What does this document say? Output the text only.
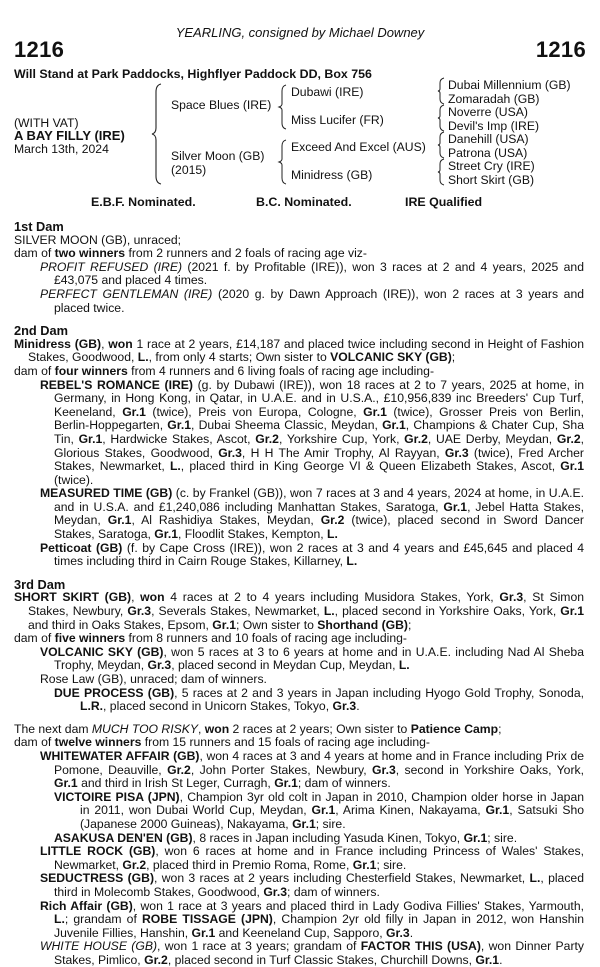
YEARLING, consigned by Michael Downey
1216	1216
Will Stand at Park Paddocks, Highflyer Paddock DD, Box 756
(WITH VAT)
A BAY FILLY (IRE)
March 13th, 2024
Space Blues (IRE)
Silver Moon (GB)
(2015)
Dubawi (IRE)
Miss Lucifer (FR)
Exceed And Excel (AUS)
Minidress (GB)
Dubai Millennium (GB)
Zomaradah (GB)
Noverre (USA)
Devil's Imp (IRE)
Danehill (USA)
Patrona (USA)
Street Cry (IRE)
Short Skirt (GB)
E.B.F. Nominated.	B.C. Nominated.	IRE Qualified
1st Dam
SILVER MOON (GB), unraced;
dam of two winners from 2 runners and 2 foals of racing age viz-
PROFIT REFUSED (IRE) (2021 f. by Profitable (IRE)), won 3 races at 2 and 4 years, 2025 and £43,075 and placed 4 times.
PERFECT GENTLEMAN (IRE) (2020 g. by Dawn Approach (IRE)), won 2 races at 3 years and placed twice.
2nd Dam
Minidress (GB), won 1 race at 2 years, £14,187 and placed twice including second in Height of Fashion Stakes, Goodwood, L., from only 4 starts; Own sister to VOLCANIC SKY (GB);
dam of four winners from 4 runners and 6 living foals of racing age including-
REBEL'S ROMANCE (IRE) (g. by Dubawi (IRE)), won 18 races at 2 to 7 years, 2025 at home, in Germany, in Hong Kong, in Qatar, in U.A.E. and in U.S.A., £10,956,839 inc Breeders' Cup Turf, Keeneland, Gr.1 (twice), Preis von Europa, Cologne, Gr.1 (twice), Grosser Preis von Berlin, Berlin-Hoppegarten, Gr.1, Dubai Sheema Classic, Meydan, Gr.1, Champions & Chater Cup, Sha Tin, Gr.1, Hardwicke Stakes, Ascot, Gr.2, Yorkshire Cup, York, Gr.2, UAE Derby, Meydan, Gr.2, Glorious Stakes, Goodwood, Gr.3, H H The Amir Trophy, Al Rayyan, Gr.3 (twice), Fred Archer Stakes, Newmarket, L., placed third in King George VI & Queen Elizabeth Stakes, Ascot, Gr.1 (twice).
MEASURED TIME (GB) (c. by Frankel (GB)), won 7 races at 3 and 4 years, 2024 at home, in U.A.E. and in U.S.A. and £1,240,086 including Manhattan Stakes, Saratoga, Gr.1, Jebel Hatta Stakes, Meydan, Gr.1, Al Rashidiya Stakes, Meydan, Gr.2 (twice), placed second in Sword Dancer Stakes, Saratoga, Gr.1, Floodlit Stakes, Kempton, L.
Petticoat (GB) (f. by Cape Cross (IRE)), won 2 races at 3 and 4 years and £45,645 and placed 4 times including third in Cairn Rouge Stakes, Killarney, L.
3rd Dam
SHORT SKIRT (GB), won 4 races at 2 to 4 years including Musidora Stakes, York, Gr.3, St Simon Stakes, Newbury, Gr.3, Severals Stakes, Newmarket, L., placed second in Yorkshire Oaks, York, Gr.1 and third in Oaks Stakes, Epsom, Gr.1; Own sister to Shorthand (GB);
dam of five winners from 8 runners and 10 foals of racing age including-
VOLCANIC SKY (GB), won 5 races at 3 to 6 years at home and in U.A.E. including Nad Al Sheba Trophy, Meydan, Gr.3, placed second in Meydan Cup, Meydan, L.
Rose Law (GB), unraced; dam of winners.
DUE PROCESS (GB), 5 races at 2 and 3 years in Japan including Hyogo Gold Trophy, Sonoda, L.R., placed second in Unicorn Stakes, Tokyo, Gr.3.
The next dam MUCH TOO RISKY, won 2 races at 2 years; Own sister to Patience Camp;
dam of twelve winners from 15 runners and 15 foals of racing age including-
WHITEWATER AFFAIR (GB), won 4 races at 3 and 4 years at home and in France including Prix de Pomone, Deauville, Gr.2, John Porter Stakes, Newbury, Gr.3, second in Yorkshire Oaks, York, Gr.1 and third in Irish St Leger, Curragh, Gr.1; dam of winners.
VICTOIRE PISA (JPN), Champion 3yr old colt in Japan in 2010, Champion older horse in Japan in 2011, won Dubai World Cup, Meydan, Gr.1, Arima Kinen, Nakayama, Gr.1, Satsuki Sho (Japanese 2000 Guineas), Nakayama, Gr.1; sire.
ASAKUSA DEN'EN (GB), 8 races in Japan including Yasuda Kinen, Tokyo, Gr.1; sire.
LITTLE ROCK (GB), won 6 races at home and in France including Princess of Wales' Stakes, Newmarket, Gr.2, placed third in Premio Roma, Rome, Gr.1; sire.
SEDUCTRESS (GB), won 3 races at 2 years including Chesterfield Stakes, Newmarket, L., placed third in Molecomb Stakes, Goodwood, Gr.3; dam of winners.
Rich Affair (GB), won 1 race at 3 years and placed third in Lady Godiva Fillies' Stakes, Yarmouth, L.; grandam of ROBE TISSAGE (JPN), Champion 2yr old filly in Japan in 2012, won Hanshin Juvenile Fillies, Hanshin, Gr.1 and Keeneland Cup, Sapporo, Gr.3.
WHITE HOUSE (GB), won 1 race at 3 years; grandam of FACTOR THIS (USA), won Dinner Party Stakes, Pimlico, Gr.2, placed second in Turf Classic Stakes, Churchill Downs, Gr.1.
